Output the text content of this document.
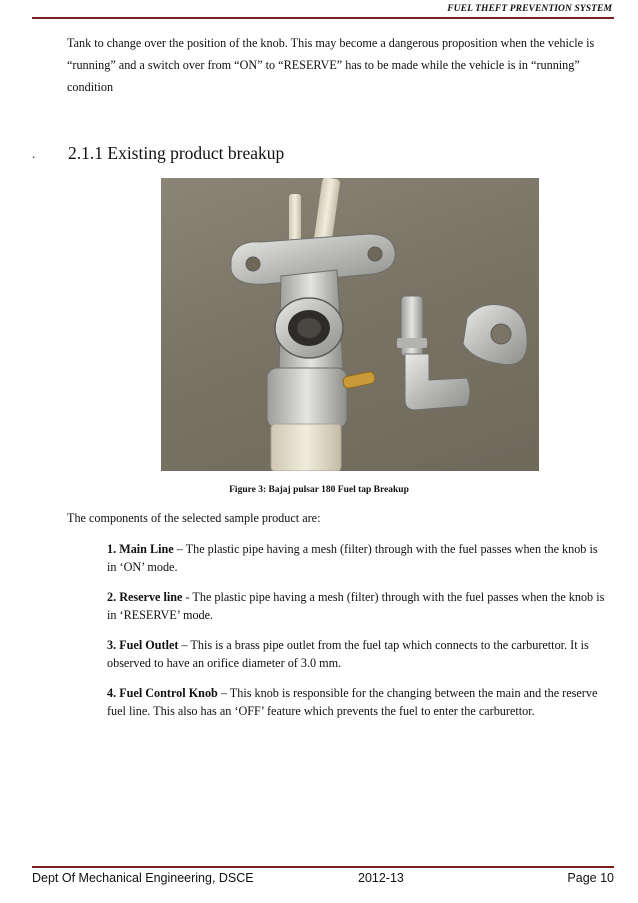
FUEL THEFT PREVENTION SYSTEM

Tank to change over the position of the knob. This may become a dangerous proposition when the vehicle is “running” and a switch over from “ON” to “RESERVE” has to be made while the vehicle is in “running” condition

. 2.1.1 Existing product breakup
Figure 3: Bajaj pulsar 180 Fuel tap Breakup

The components of the selected sample product are:

1. Main Line – The plastic pipe having a mesh (filter) through with the fuel passes when the knob is in ‘ON’ mode.

2. Reserve line - The plastic pipe having a mesh (filter) through with the fuel passes when the knob is in ‘RESERVE’ mode.

3. Fuel Outlet – This is a brass pipe outlet from the fuel tap which connects to the carburettor. It is observed to have an orifice diameter of 3.0 mm.

4. Fuel Control Knob – This knob is responsible for the changing between the main and the reserve fuel line. This also has an ‘OFF’ feature which prevents the fuel to enter the carburettor.

Dept Of Mechanical Engineering, DSCE	2012-13	Page 10
